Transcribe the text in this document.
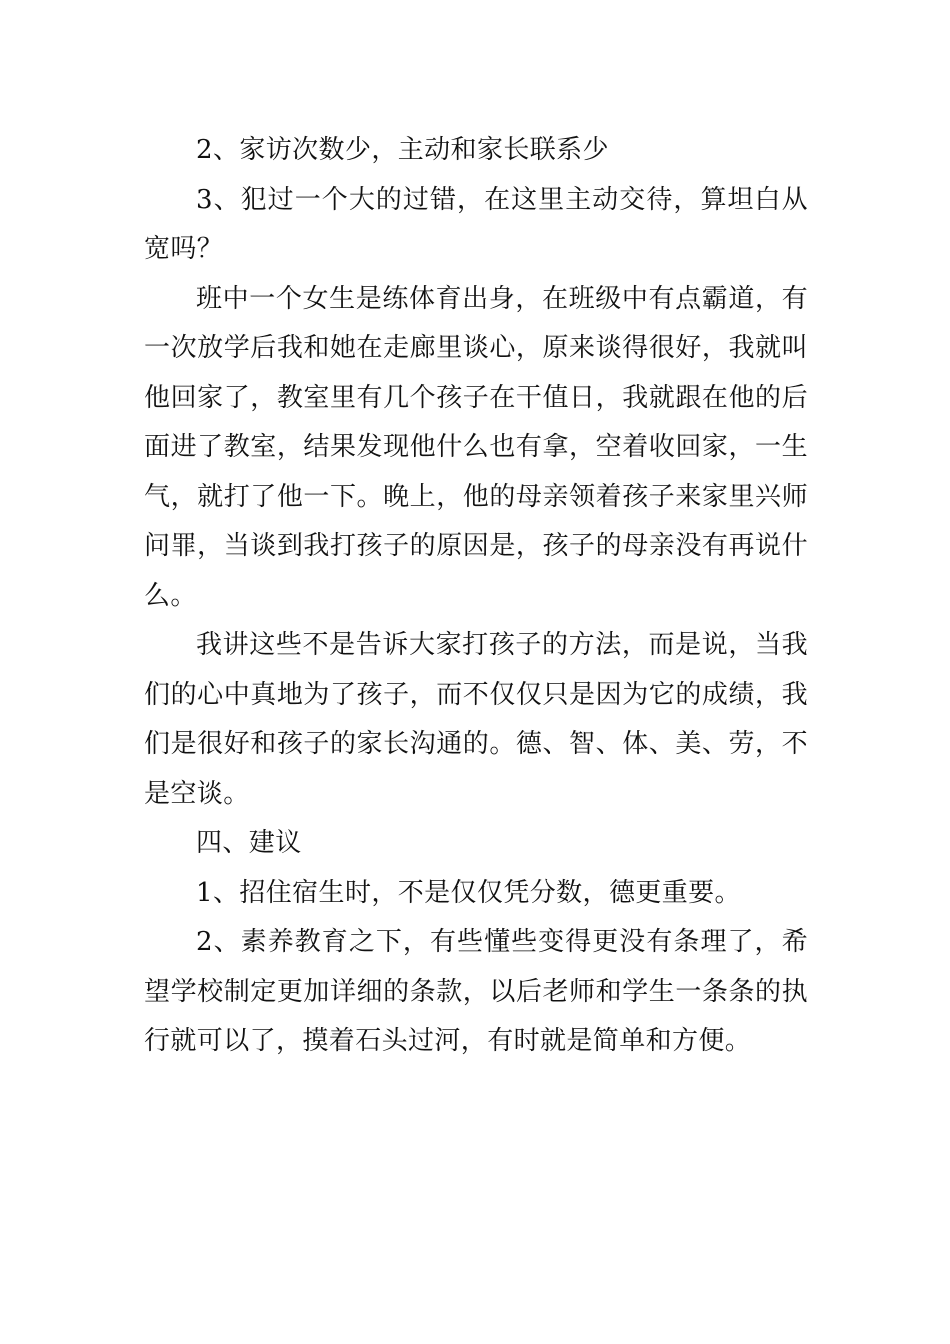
2、家访次数少，主动和家长联系少

3、犯过一个大的过错，在这里主动交待，算坦白从宽吗？

班中一个女生是练体育出身，在班级中有点霸道，有一次放学后我和她在走廊里谈心，原来谈得很好，我就叫他回家了，教室里有几个孩子在干值日，我就跟在他的后面进了教室，结果发现他什么也有拿，空着收回家，一生气，就打了他一下。晚上，他的母亲领着孩子来家里兴师问罪，当谈到我打孩子的原因是，孩子的母亲没有再说什么。

我讲这些不是告诉大家打孩子的方法，而是说，当我们的心中真地为了孩子，而不仅仅只是因为它的成绩，我们是很好和孩子的家长沟通的。德、智、体、美、劳，不是空谈。

四、建议

1、招住宿生时，不是仅仅凭分数，德更重要。

2、素养教育之下，有些懂些变得更没有条理了，希望学校制定更加详细的条款，以后老师和学生一条条的执行就可以了，摸着石头过河，有时就是简单和方便。
